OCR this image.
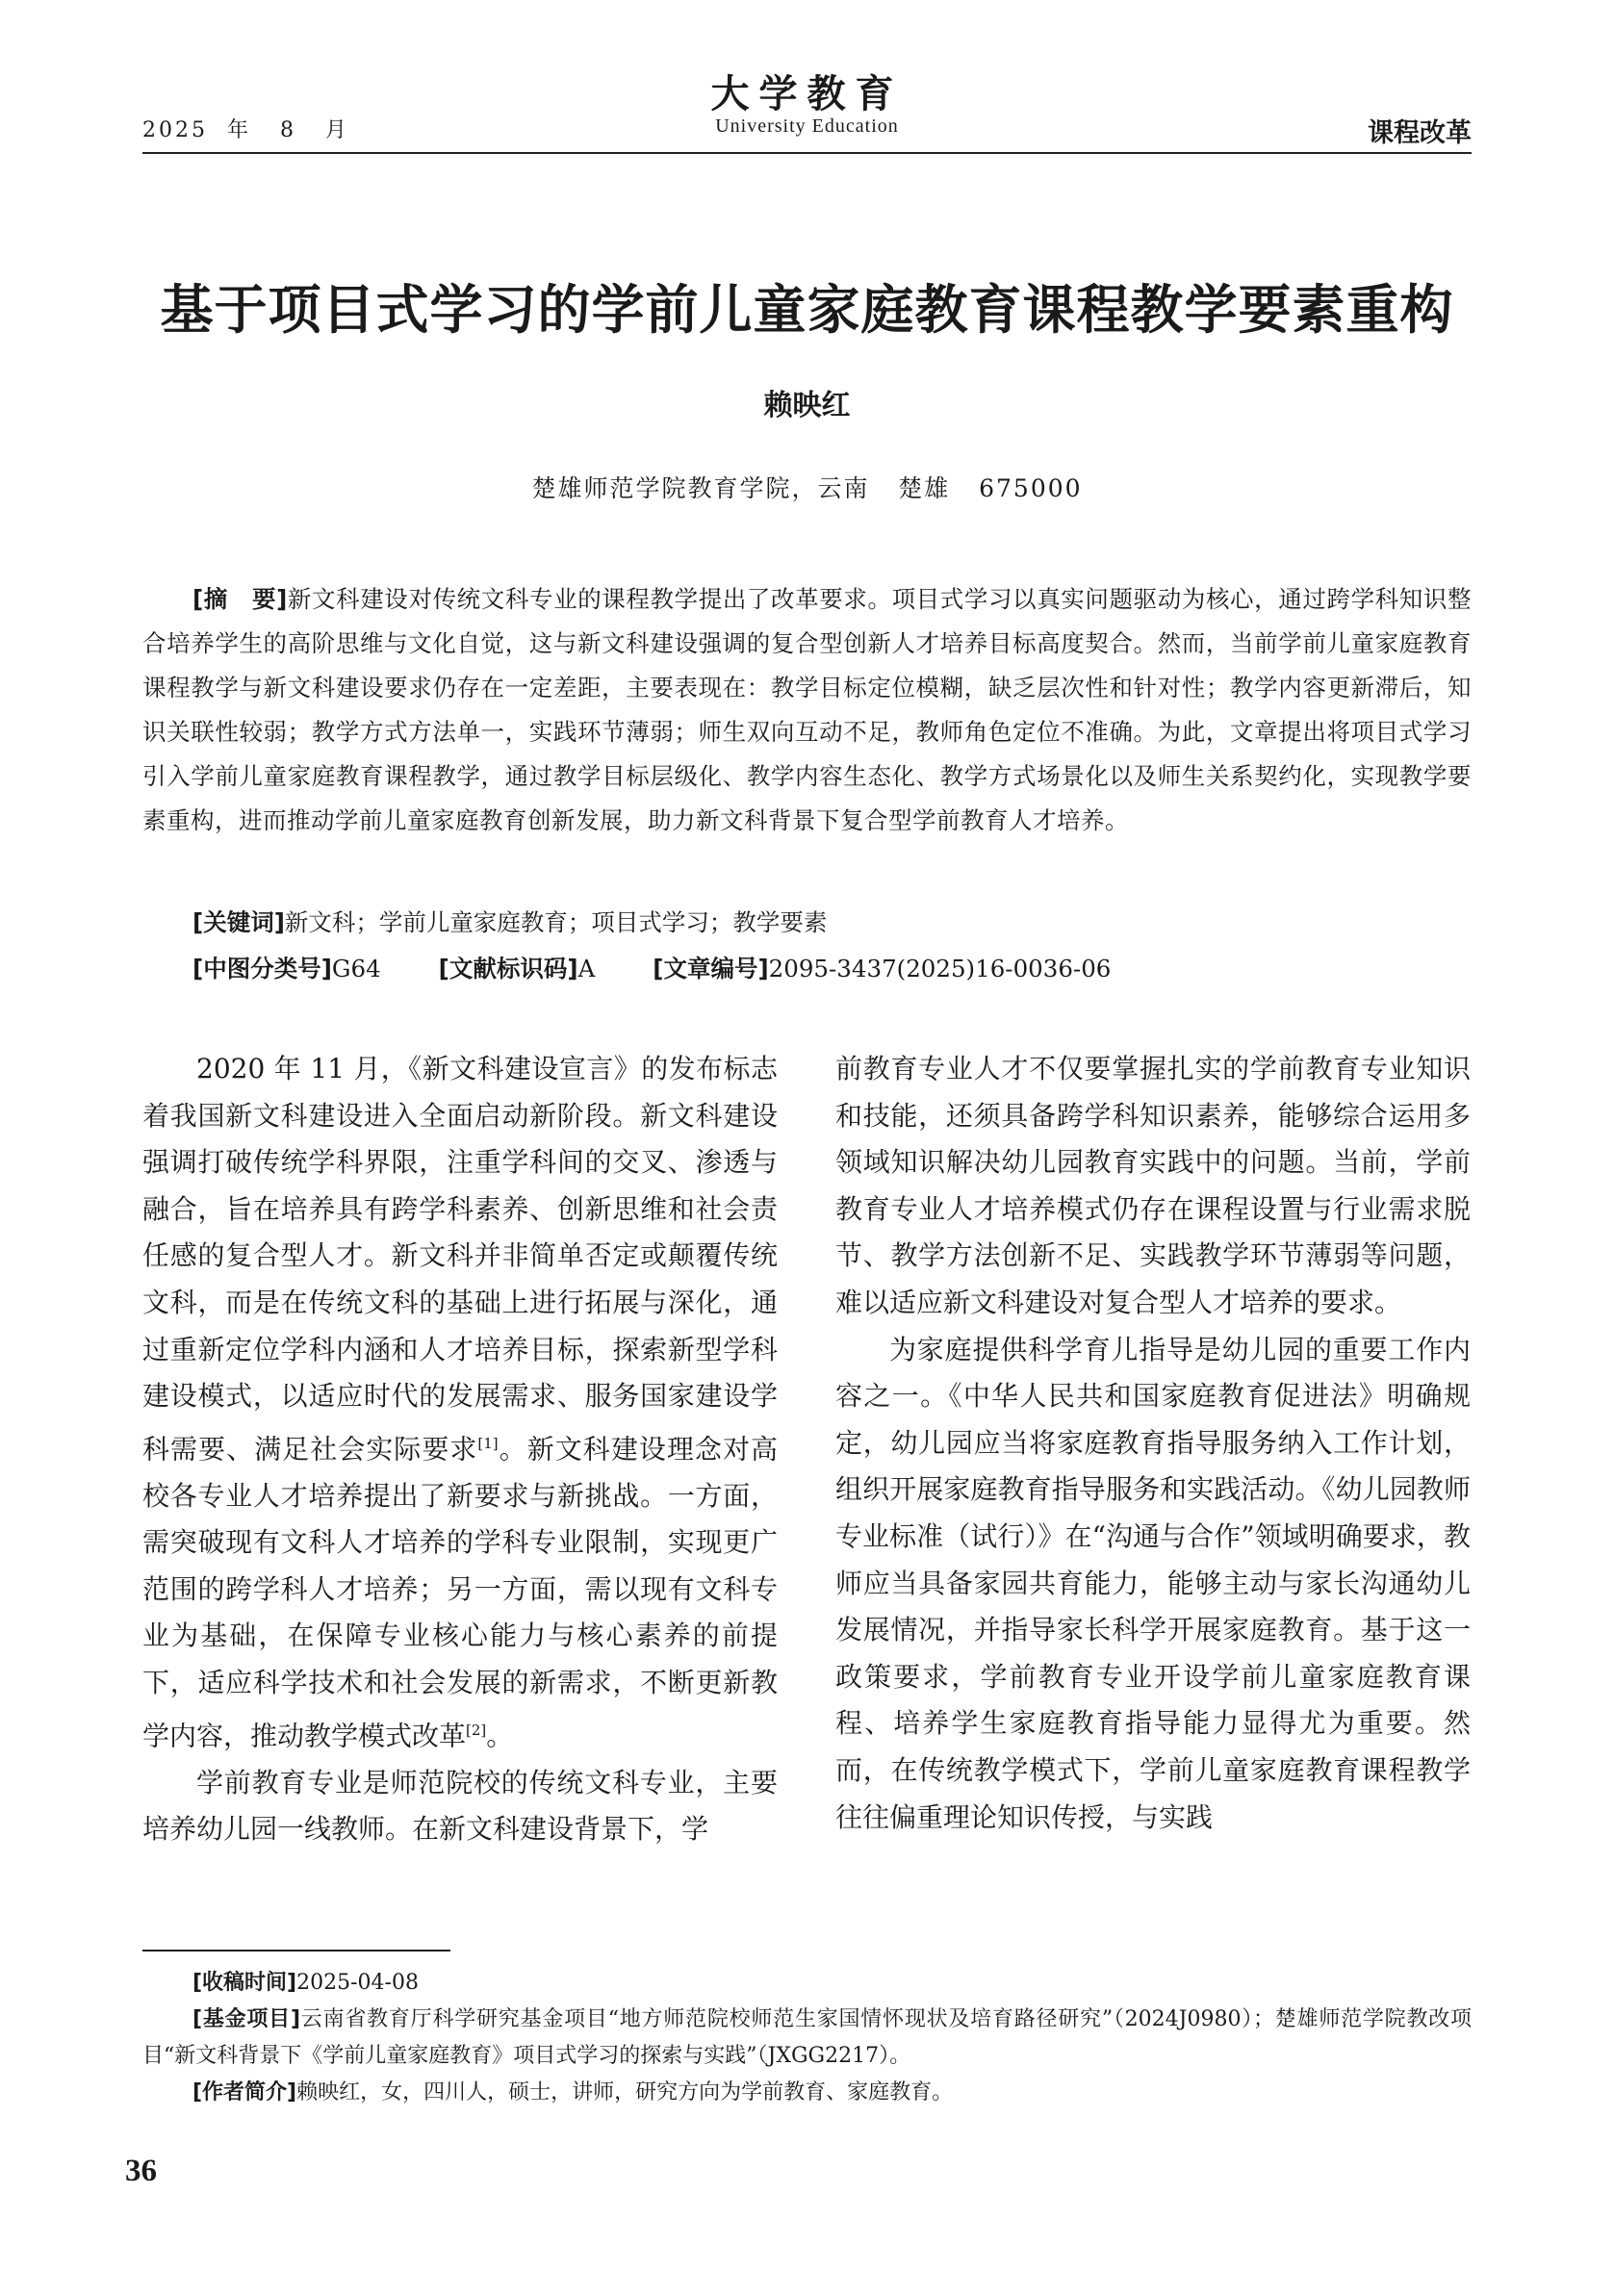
2025  年   8   月
大学教育
University Education	课程改革
基于项目式学习的学前儿童家庭教育课程教学要素重构
赖映红
楚雄师范学院教育学院，云南   楚雄   675000

[摘　要]新文科建设对传统文科专业的课程教学提出了改革要求。项目式学习以真实问题驱动为核心，通过跨学科知识整合培养学生的高阶思维与文化自觉，这与新文科建设强调的复合型创新人才培养目标高度契合。然而，当前学前儿童家庭教育课程教学与新文科建设要求仍存在一定差距，主要表现在：教学目标定位模糊，缺乏层次性和针对性；教学内容更新滞后，知识关联性较弱；教学方式方法单一，实践环节薄弱；师生双向互动不足，教师角色定位不准确。为此，文章提出将项目式学习引入学前儿童家庭教育课程教学，通过教学目标层级化、教学内容生态化、教学方式场景化以及师生关系契约化，实现教学要素重构，进而推动学前儿童家庭教育创新发展，助力新文科背景下复合型学前教育人才培养。

[关键词]新文科；学前儿童家庭教育；项目式学习；教学要素
[中图分类号]G64 [文献标识码]A [文章编号]2095-3437(2025)16-0036-06

2020 年 11 月，《新文科建设宣言》的发布标志着我国新文科建设进入全面启动新阶段。新文科建设强调打破传统学科界限，注重学科间的交叉、渗透与融合，旨在培养具有跨学科素养、创新思维和社会责任感的复合型人才。新文科并非简单否定或颠覆传统文科，而是在传统文科的基础上进行拓展与深化，通过重新定位学科内涵和人才培养目标，探索新型学科建设模式，以适应时代的发展需求、服务国家建设学科需要、满足社会实际要求[1]。新文科建设理念对高校各专业人才培养提出了新要求与新挑战。一方面，需突破现有文科人才培养的学科专业限制，实现更广范围的跨学科人才培养；另一方面，需以现有文科专业为基础，在保障专业核心能力与核心素养的前提下，适应科学技术和社会发展的新需求，不断更新教学内容，推动教学模式改革[2]。

学前教育专业是师范院校的传统文科专业，主要培养幼儿园一线教师。在新文科建设背景下，学

前教育专业人才不仅要掌握扎实的学前教育专业知识和技能，还须具备跨学科知识素养，能够综合运用多领域知识解决幼儿园教育实践中的问题。当前，学前教育专业人才培养模式仍存在课程设置与行业需求脱节、教学方法创新不足、实践教学环节薄弱等问题，难以适应新文科建设对复合型人才培养的要求。

为家庭提供科学育儿指导是幼儿园的重要工作内容之一。《中华人民共和国家庭教育促进法》明确规定，幼儿园应当将家庭教育指导服务纳入工作计划，组织开展家庭教育指导服务和实践活动。《幼儿园教师专业标准（试行）》在“沟通与合作”领域明确要求，教师应当具备家园共育能力，能够主动与家长沟通幼儿发展情况，并指导家长科学开展家庭教育。基于这一政策要求，学前教育专业开设学前儿童家庭教育课程、培养学生家庭教育指导能力显得尤为重要。然而，在传统教学模式下，学前儿童家庭教育课程教学往往偏重理论知识传授，与实践

[收稿时间]2025-04-08

[基金项目]云南省教育厅科学研究基金项目“地方师范院校师范生家国情怀现状及培育路径研究”（2024J0980）；楚雄师范学院教改项目“新文科背景下《学前儿童家庭教育》项目式学习的探索与实践”（JXGG2217）。

[作者简介]赖映红，女，四川人，硕士，讲师，研究方向为学前教育、家庭教育。

36
